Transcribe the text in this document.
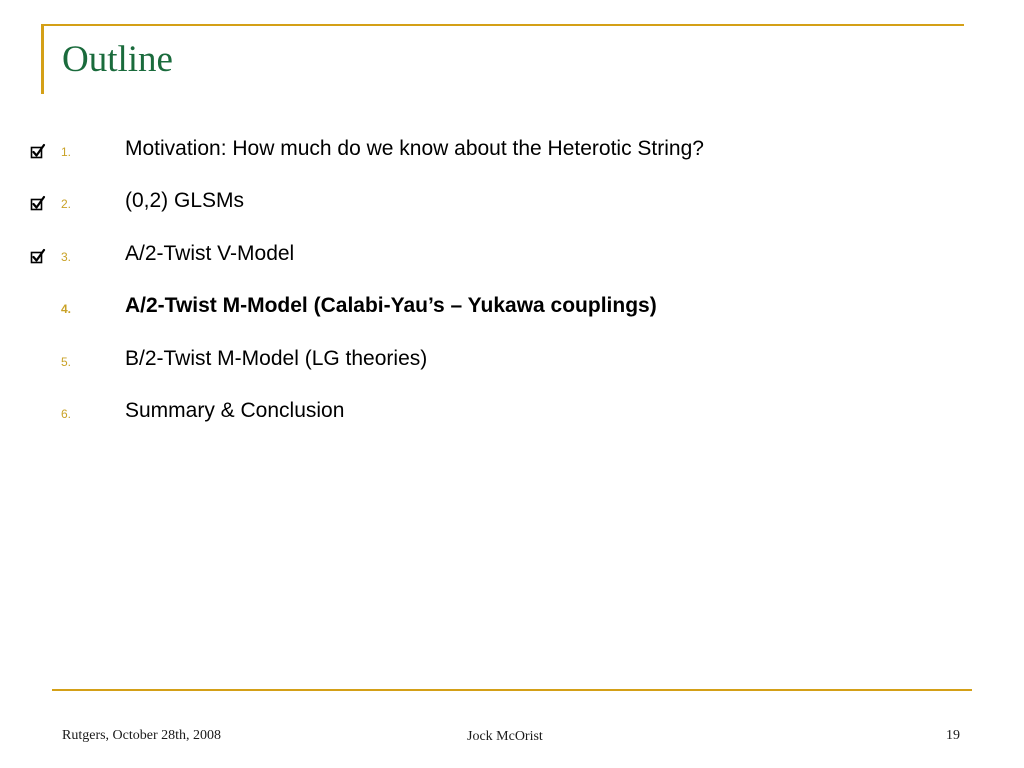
Outline
1.	Motivation: How much do we know about the Heterotic String?
2.	(0,2) GLSMs
3.	A/2-Twist V-Model
4.	A/2-Twist M-Model (Calabi-Yau’s – Yukawa couplings)
5.	B/2-Twist M-Model (LG theories)
6.	Summary & Conclusion
Rutgers, October 28th, 2008	Jock McOrist	19
